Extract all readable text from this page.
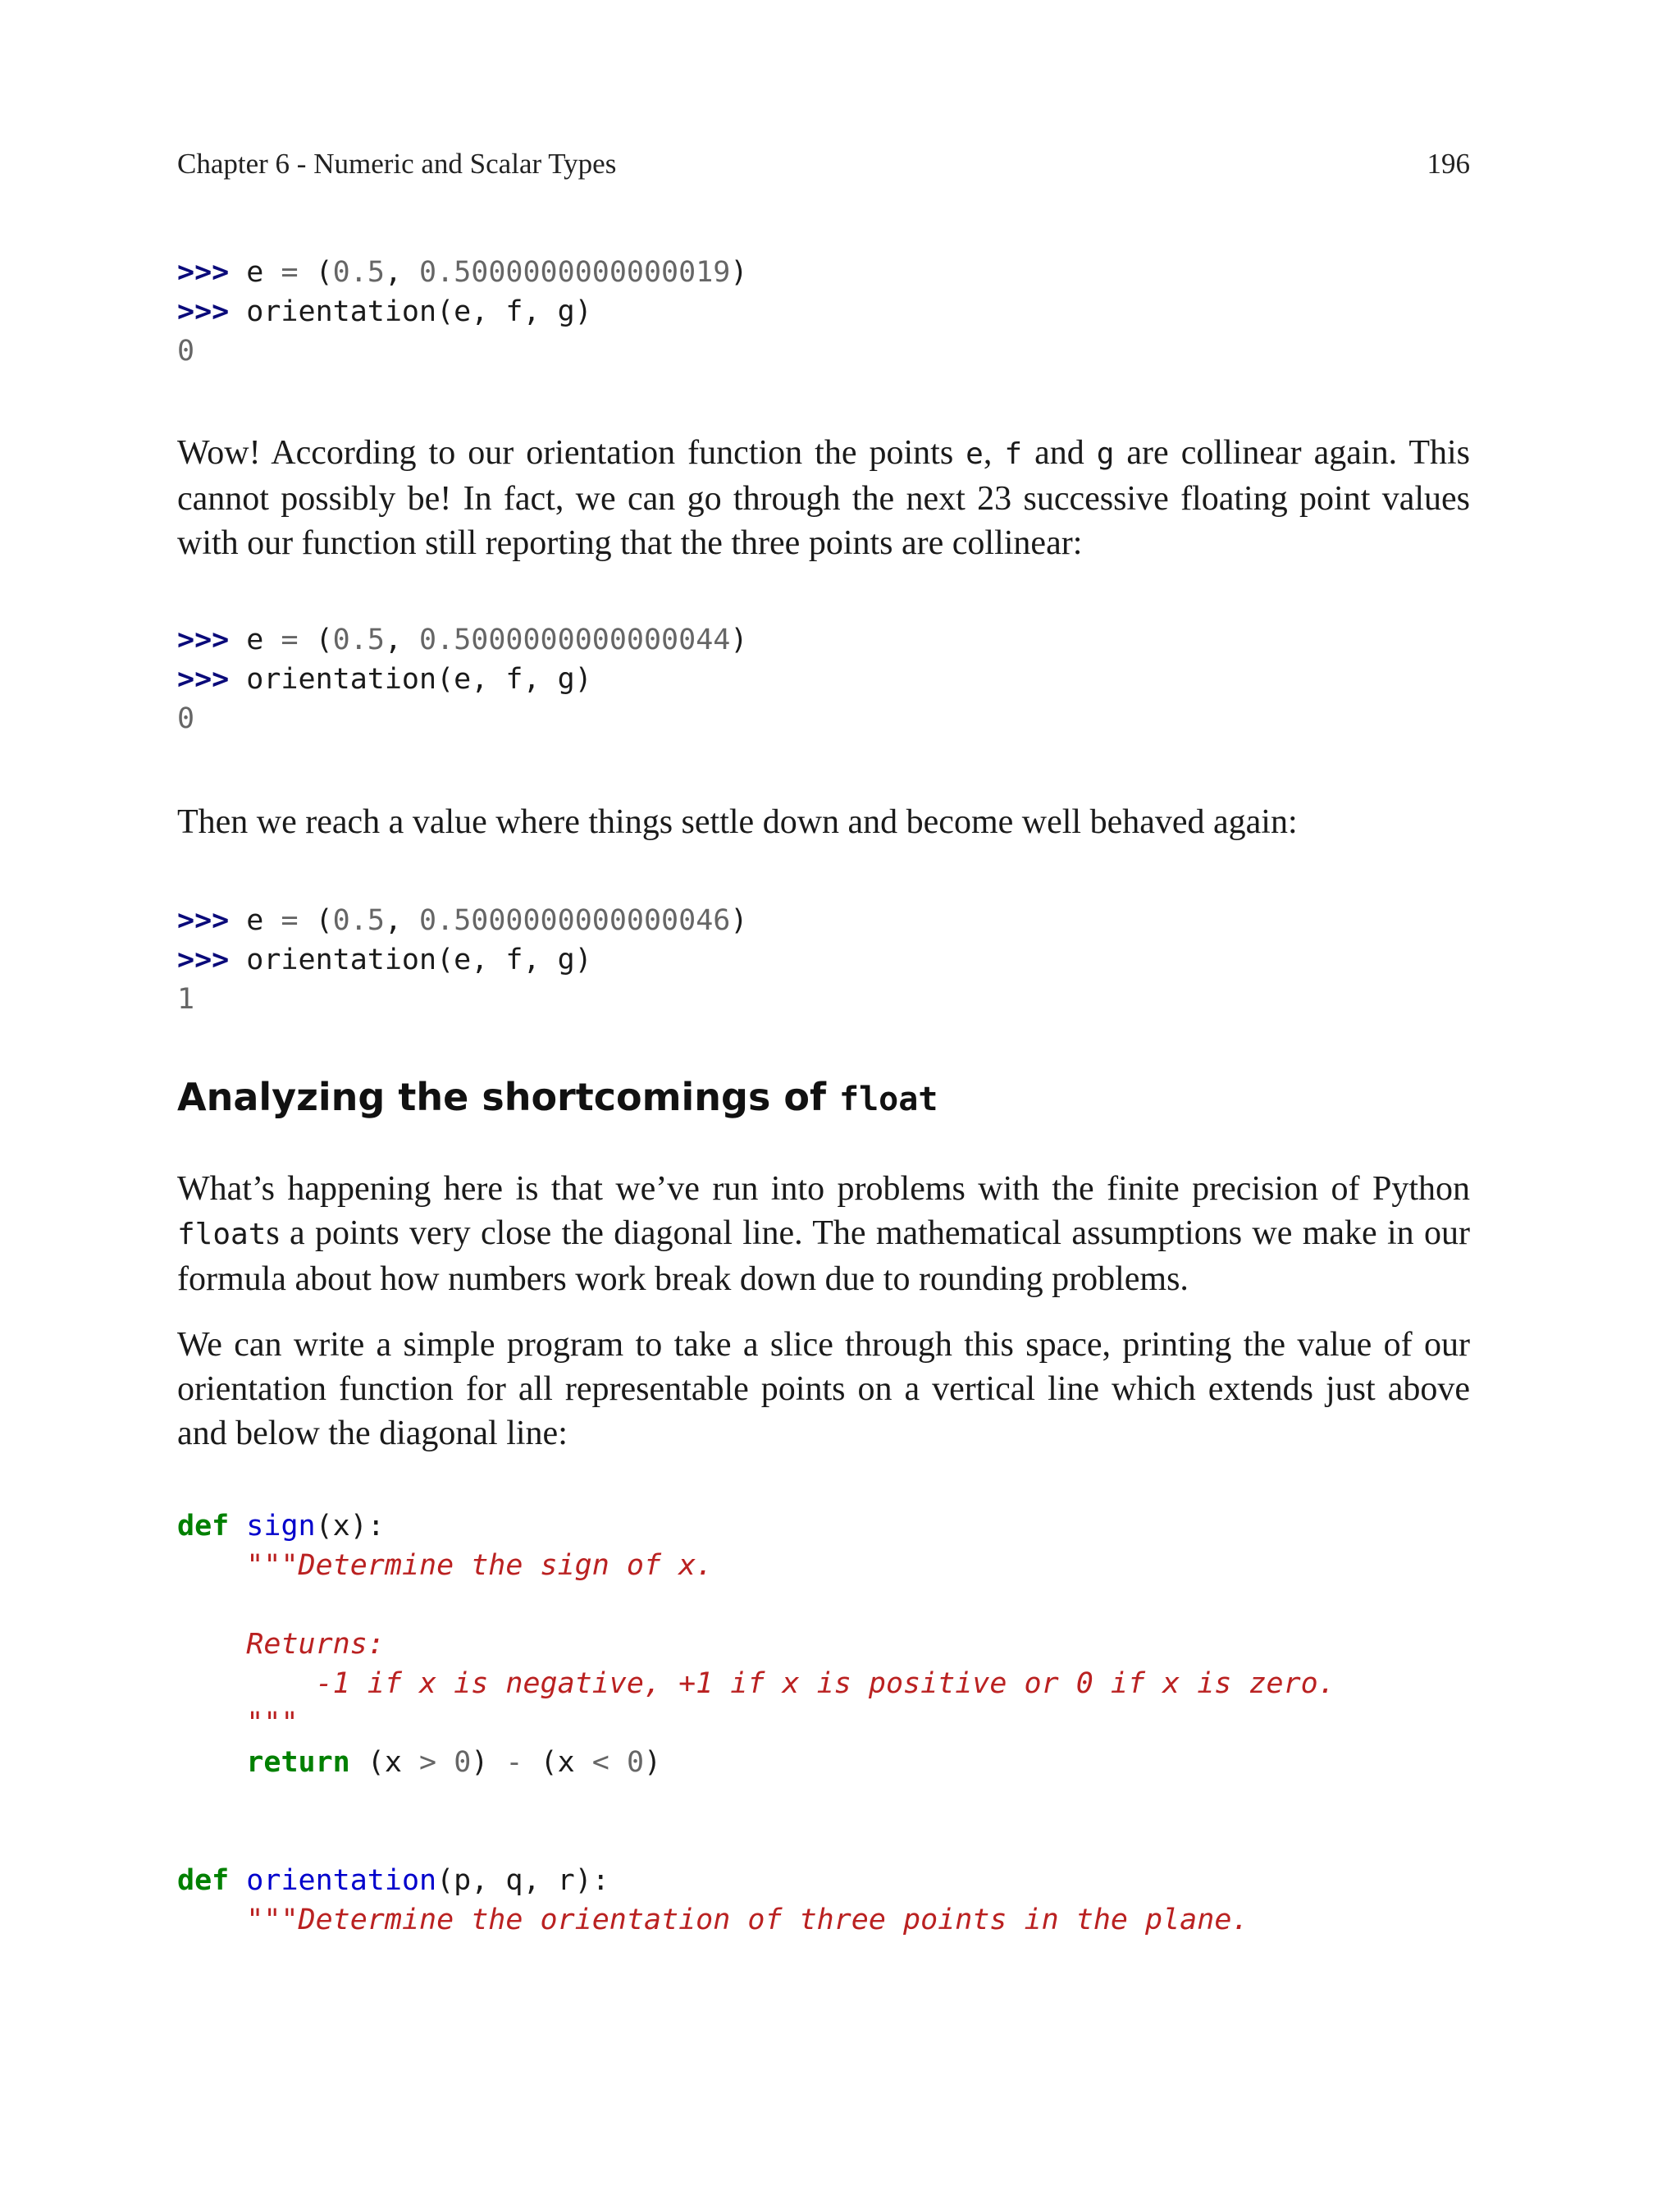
Chapter 6 - Numeric and Scalar Types	196
>>> e = (0.5, 0.5000000000000019)
>>> orientation(e, f, g)
0

Wow! According to our orientation function the points e, f and g are collinear again. This cannot possibly be! In fact, we can go through the next 23 successive floating point values with our function still reporting that the three points are collinear:

>>> e = (0.5, 0.5000000000000044)
>>> orientation(e, f, g)
0

Then we reach a value where things settle down and become well behaved again:

>>> e = (0.5, 0.5000000000000046)
>>> orientation(e, f, g)
1
Analyzing the shortcomings of float

What’s happening here is that we’ve run into problems with the finite precision of Python floats a points very close the diagonal line. The mathematical assumptions we make in our formula about how numbers work break down due to rounding problems.

We can write a simple program to take a slice through this space, printing the value of our orientation function for all representable points on a vertical line which extends just above and below the diagonal line:

def sign(x):
"""Determine the sign of x.
Returns:
-1 if x is negative, +1 if x is positive or 0 if x is zero.
"""
return (x > 0) - (x < 0)
def orientation(p, q, r):
"""Determine the orientation of three points in the plane.
